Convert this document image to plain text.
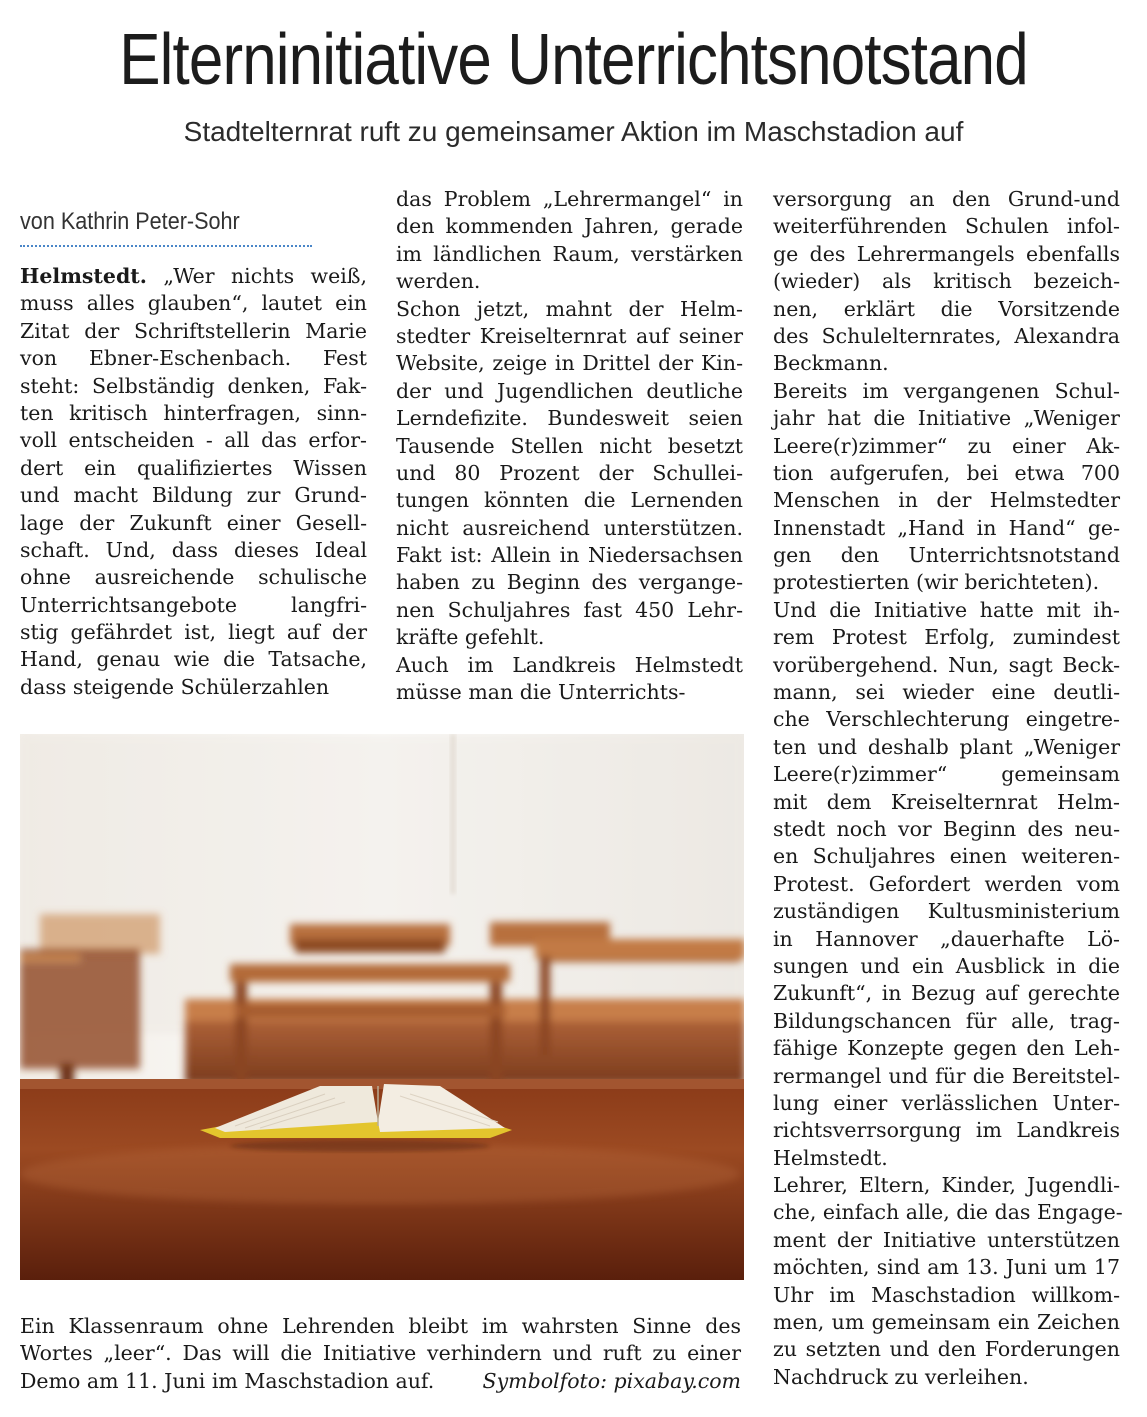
Elterninitiative Unterrichtsnotstand
Stadtelternrat ruft zu gemeinsamer Aktion im Maschstadion auf
von Kathrin Peter-Sohr
Helmstedt. „Wer nichts weiß,
muss alles glauben“, lautet ein
Zitat der Schriftstellerin Marie
von Ebner-Eschenbach. Fest
steht: Selbständig denken, Fak-
ten kritisch hinterfragen, sinn-
voll entscheiden - all das erfor-
dert ein qualifiziertes Wissen
und macht Bildung zur Grund-
lage der Zukunft einer Gesell-
schaft. Und, dass dieses Ideal
ohne ausreichende schulische
Unterrichtsangebote langfri-
stig gefährdet ist, liegt auf der
Hand, genau wie die Tatsache,
dass steigende Schülerzahlen
das Problem „Lehrermangel“ in
den kommenden Jahren, gerade
im ländlichen Raum, verstärken
werden.
Schon jetzt, mahnt der Helm-
stedter Kreiselternrat auf seiner
Website, zeige in Drittel der Kin-
der und Jugendlichen deutliche
Lerndefizite. Bundesweit seien
Tausende Stellen nicht besetzt
und 80 Prozent der Schullei-
tungen könnten die Lernenden
nicht ausreichend unterstützen.
Fakt ist: Allein in Niedersachsen
haben zu Beginn des vergange-
nen Schuljahres fast 450 Lehr-
kräfte gefehlt.
Auch im Landkreis Helmstedt
müsse man die Unterrichts-
versorgung an den Grund-und
weiterführenden Schulen infol-
ge des Lehrermangels ebenfalls
(wieder) als kritisch bezeich-
nen, erklärt die Vorsitzende
des Schulelternrates, Alexandra
Beckmann.
Bereits im vergangenen Schul-
jahr hat die Initiative „Weniger
Leere(r)zimmer“ zu einer Ak-
tion aufgerufen, bei etwa 700
Menschen in der Helmstedter
Innenstadt „Hand in Hand“ ge-
gen den Unterrichtsnotstand
protestierten (wir berichteten).
Und die Initiative hatte mit ih-
rem Protest Erfolg, zumindest
vorübergehend. Nun, sagt Beck-
mann, sei wieder eine deutli-
che Verschlechterung eingetre-
ten und deshalb plant „Weniger
Leere(r)zimmer“ gemeinsam
mit dem Kreiselternrat Helm-
stedt noch vor Beginn des neu-
en Schuljahres einen weiteren-
Protest. Gefordert werden vom
zuständigen Kultusministerium
in Hannover „dauerhafte Lö-
sungen und ein Ausblick in die
Zukunft“, in Bezug auf gerechte
Bildungschancen für alle, trag-
fähige Konzepte gegen den Leh-
rermangel und für die Bereitstel-
lung einer verlässlichen Unter-
richtsverrsorgung im Landkreis
Helmstedt.
Lehrer, Eltern, Kinder, Jugendli-
che, einfach alle, die das Engage-
ment der Initiative unterstützen
möchten, sind am 13. Juni um 17
Uhr im Maschstadion willkom-
men, um gemeinsam ein Zeichen
zu setzten und den Forderungen
Nachdruck zu verleihen.
Ein Klassenraum ohne Lehrenden bleibt im wahrsten Sinne des
Wortes „leer“. Das will die Initiative verhindern und ruft zu einer
Demo am 11. Juni im Maschstadion auf. Symbolfoto: pixabay.com
